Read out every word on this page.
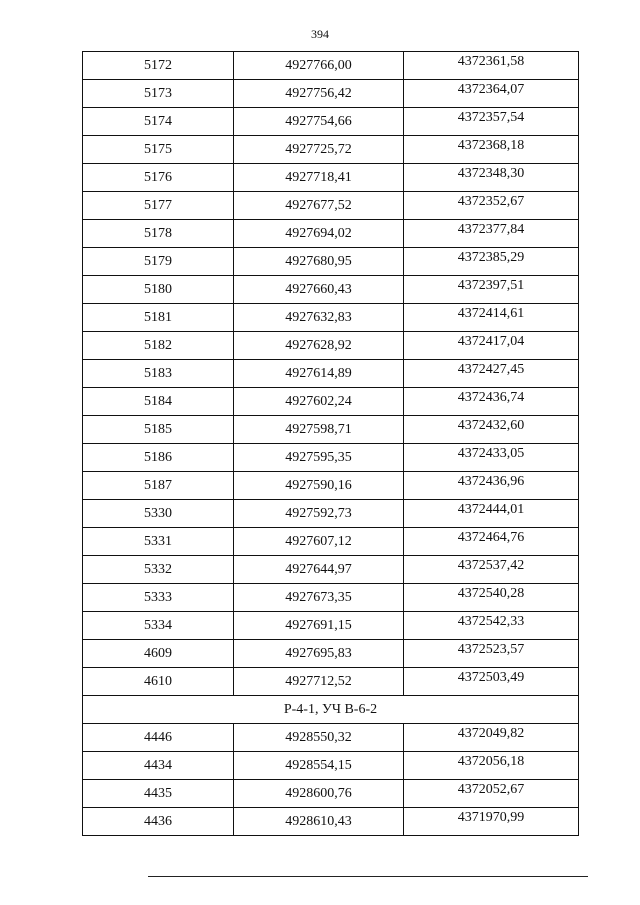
394
5172	4927766,00	4372361,58
5173	4927756,42	4372364,07
5174	4927754,66	4372357,54
5175	4927725,72	4372368,18
5176	4927718,41	4372348,30
5177	4927677,52	4372352,67
5178	4927694,02	4372377,84
5179	4927680,95	4372385,29
5180	4927660,43	4372397,51
5181	4927632,83	4372414,61
5182	4927628,92	4372417,04
5183	4927614,89	4372427,45
5184	4927602,24	4372436,74
5185	4927598,71	4372432,60
5186	4927595,35	4372433,05
5187	4927590,16	4372436,96
5330	4927592,73	4372444,01
5331	4927607,12	4372464,76
5332	4927644,97	4372537,42
5333	4927673,35	4372540,28
5334	4927691,15	4372542,33
4609	4927695,83	4372523,57
4610	4927712,52	4372503,49
Р-4-1, УЧ В-6-2		
4446	4928550,32	4372049,82
4434	4928554,15	4372056,18
4435	4928600,76	4372052,67
4436	4928610,43	4371970,99
